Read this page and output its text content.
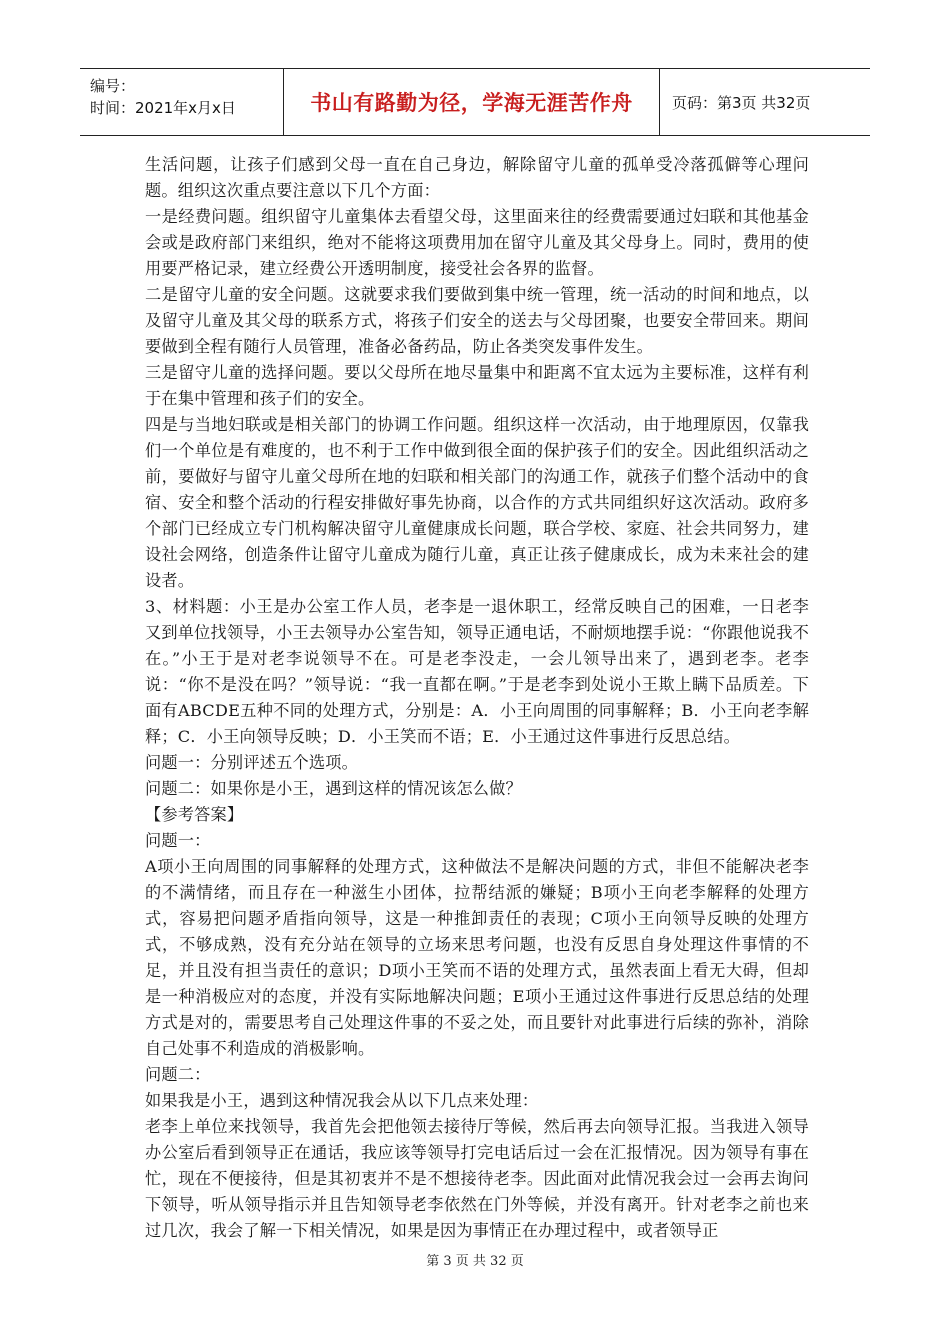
编号：
时间：2021年x月x日	书山有路勤为径，学海无涯苦作舟	页码：第3页 共32页

生活问题，让孩子们感到父母一直在自己身边，解除留守儿童的孤单受冷落孤僻等心理问题。组织这次重点要注意以下几个方面：

一是经费问题。组织留守儿童集体去看望父母，这里面来往的经费需要通过妇联和其他基金会或是政府部门来组织，绝对不能将这项费用加在留守儿童及其父母身上。同时，费用的使用要严格记录，建立经费公开透明制度，接受社会各界的监督。

二是留守儿童的安全问题。这就要求我们要做到集中统一管理，统一活动的时间和地点，以及留守儿童及其父母的联系方式，将孩子们安全的送去与父母团聚，也要安全带回来。期间要做到全程有随行人员管理，准备必备药品，防止各类突发事件发生。

三是留守儿童的选择问题。要以父母所在地尽量集中和距离不宜太远为主要标准，这样有利于在集中管理和孩子们的安全。

四是与当地妇联或是相关部门的协调工作问题。组织这样一次活动，由于地理原因，仅靠我们一个单位是有难度的，也不利于工作中做到很全面的保护孩子们的安全。因此组织活动之前，要做好与留守儿童父母所在地的妇联和相关部门的沟通工作，就孩子们整个活动中的食宿、安全和整个活动的行程安排做好事先协商，以合作的方式共同组织好这次活动。政府多个部门已经成立专门机构解决留守儿童健康成长问题，联合学校、家庭、社会共同努力，建设社会网络，创造条件让留守儿童成为随行儿童，真正让孩子健康成长，成为未来社会的建设者。

3、材料题：小王是办公室工作人员，老李是一退休职工，经常反映自己的困难，一日老李又到单位找领导，小王去领导办公室告知，领导正通电话，不耐烦地摆手说：“你跟他说我不在。”小王于是对老李说领导不在。可是老李没走，一会儿领导出来了，遇到老李。老李说：“你不是没在吗？”领导说：“我一直都在啊。”于是老李到处说小王欺上瞒下品质差。下面有ABCDE五种不同的处理方式，分别是：A．小王向周围的同事解释；B．小王向老李解释；C．小王向领导反映；D．小王笑而不语；E．小王通过这件事进行反思总结。

问题一：分别评述五个选项。

问题二：如果你是小王，遇到这样的情况该怎么做？

【参考答案】

问题一：

A项小王向周围的同事解释的处理方式，这种做法不是解决问题的方式，非但不能解决老李的不满情绪，而且存在一种滋生小团体，拉帮结派的嫌疑；B项小王向老李解释的处理方式，容易把问题矛盾指向领导，这是一种推卸责任的表现；C项小王向领导反映的处理方式，不够成熟，没有充分站在领导的立场来思考问题，也没有反思自身处理这件事情的不足，并且没有担当责任的意识；D项小王笑而不语的处理方式，虽然表面上看无大碍，但却是一种消极应对的态度，并没有实际地解决问题；E项小王通过这件事进行反思总结的处理方式是对的，需要思考自己处理这件事的不妥之处，而且要针对此事进行后续的弥补，消除自己处事不利造成的消极影响。

问题二：

如果我是小王，遇到这种情况我会从以下几点来处理：

老李上单位来找领导，我首先会把他领去接待厅等候，然后再去向领导汇报。当我进入领导办公室后看到领导正在通话，我应该等领导打完电话后过一会在汇报情况。因为领导有事在忙，现在不便接待，但是其初衷并不是不想接待老李。因此面对此情况我会过一会再去询问下领导，听从领导指示并且告知领导老李依然在门外等候，并没有离开。针对老李之前也来过几次，我会了解一下相关情况，如果是因为事情正在办理过程中，或者领导正

第 3 页 共 32 页
